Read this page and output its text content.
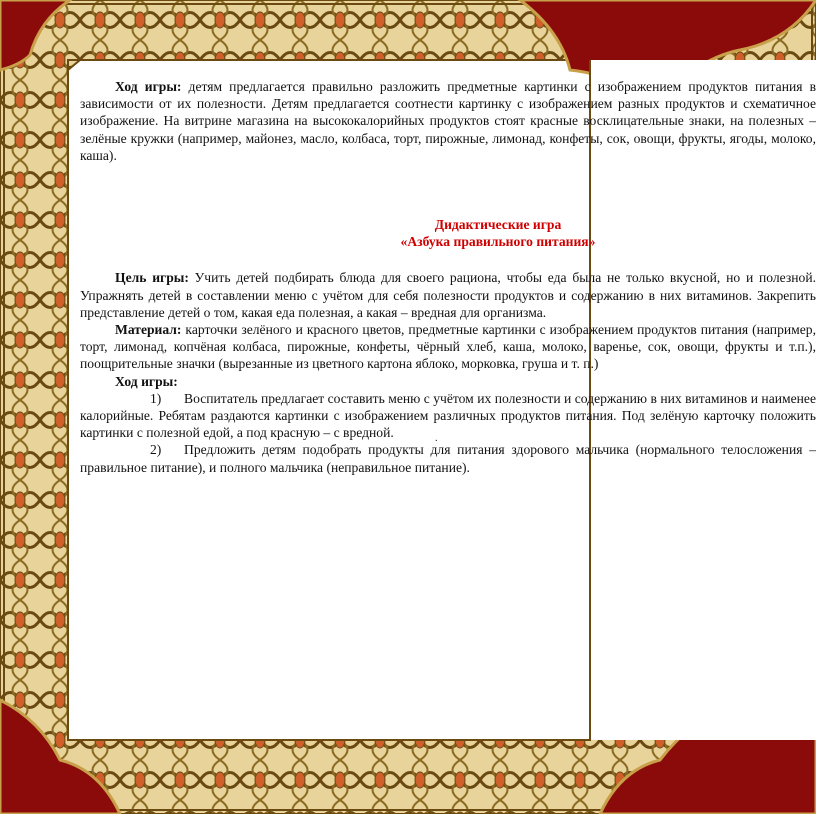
Ход игры: детям предлагается правильно разложить предметные картинки с изображением продуктов питания в зависимости от их полезности. Детям предлагается соотнести картинку с изображением разных продуктов и схематичное изображение. На витрине магазина на высококалорийных продуктов стоят красные восклицательные знаки, на полезных – зелёные кружки (например, майонез, масло, колбаса, торт, пирожные, лимонад, конфеты, сок, овощи, фрукты, ягоды, молоко, каша).

Дидактические игра

«Азбука правильного питания»

Цель игры: Учить детей подбирать блюда для своего рациона, чтобы еда была не только вкусной, но и полезной. Упражнять детей в составлении меню с учётом для себя полезности продуктов и содержанию в них витаминов. Закрепить представление детей о том, какая еда полезная, а какая – вредная для организма.

Материал: карточки зелёного и красного цветов, предметные картинки с изображением продуктов питания (например, торт, лимонад, копчёная колбаса, пирожные, конфеты, чёрный хлеб, каша, молоко, варенье, сок, овощи, фрукты и т.п.), поощрительные значки (вырезанные из цветного картона яблоко, морковка, груша и т. п.)

Ход игры:

1) Воспитатель предлагает составить меню с учётом их полезности и содержанию в них витаминов и наименее калорийные. Ребятам раздаются картинки с изображением различных продуктов питания. Под зелёную карточку положить картинки с полезной едой, а под красную – с вредной.

2) Предложить детям подобрать продукты для питания здорового мальчика (нормального телосложения – правильное питание), и полного мальчика (неправильное питание).

.
